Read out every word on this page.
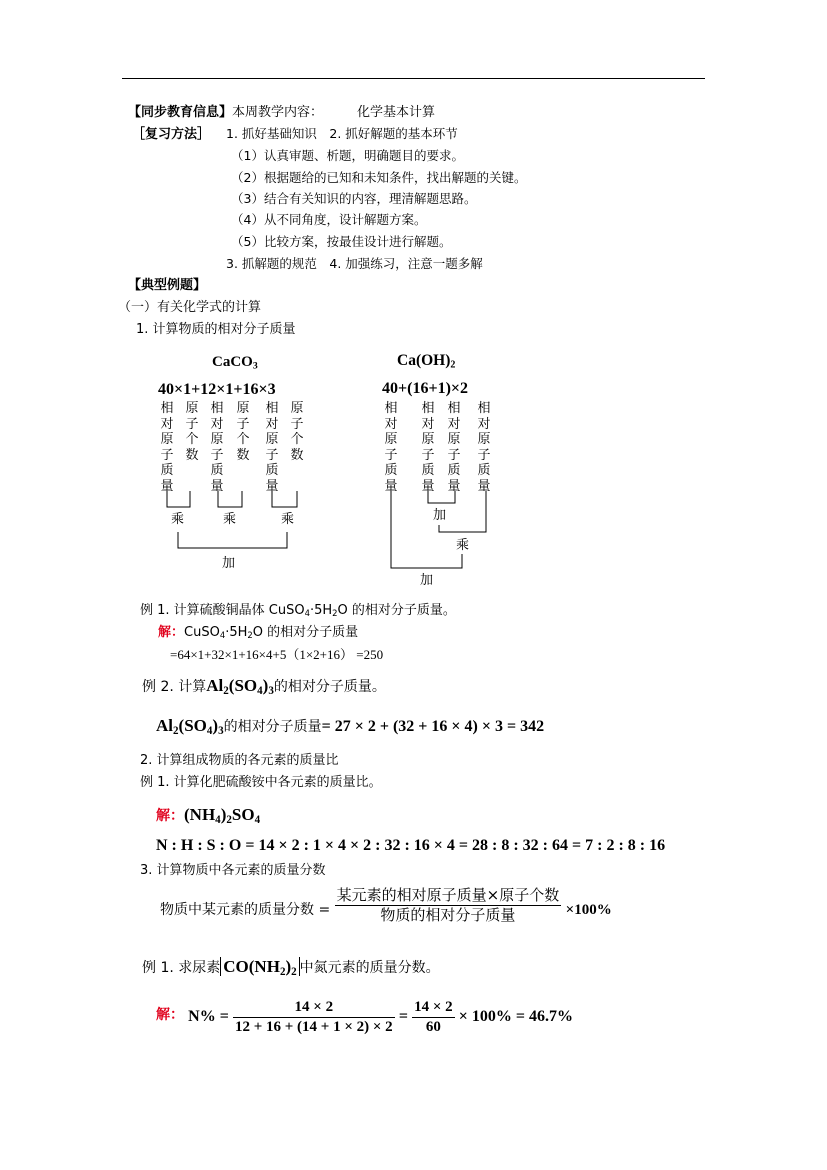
【同步教育信息】本周教学内容：	化学基本计算
［复习方法］ 1. 抓好基础知识　2. 抓好解题的基本环节
（1）认真审题、析题，明确题目的要求。
（2）根据题给的已知和未知条件，找出解题的关键。
（3）结合有关知识的内容，理清解题思路。
（4）从不同角度，设计解题方案。
（5）比较方案，按最佳设计进行解题。
3. 抓解题的规范　4. 加强练习，注意一题多解
【典型例题】
（一）有关化学式的计算
1. 计算物质的相对分子质量
CaCO$_3$
40×1+12×1+16×3
相对原子质量
原子个数
相对原子质量
原子个数
相对原子质量
原子个数
乘	乘	乘
加
$Ca(OH)_2$
40+(16+1)×2
相对原子质量
相对原子质量
相对原子质量
相对原子质量
加
乘
加
例 1. 计算硫酸铜晶体 $CuSO_4\cdot 5H_2O$ 的相对分子质量。
解：$CuSO_4\cdot 5H_2O$ 的相对分子质量
=64×1+32×1+16×4+5（1×2+16） =250
例 2. 计算$Al_2(SO_4)_3$的相对分子质量。
$Al_2(SO_4)_3$的相对分子质量= 27 × 2 + (32 + 16 × 4) × 3 = 342
2. 计算组成物质的各元素的质量比
例 1. 计算化肥硫酸铵中各元素的质量比。
解：$(NH_4)_2SO_4$
N : H : S : O = 14 × 2 : 1 × 4 × 2 : 32 : 16 × 4 = 28 : 8 : 32 : 64 = 7 : 2 : 8 : 16
3. 计算物质中各元素的质量分数
物质中某元素的质量分数 = $\frac{\text{某元素的相对原子质量×原子个数}}{\text{物质的相对分子质量}} \times 100\%$
例 1. 求尿素 $CO(NH_2)_2$ 中氮元素的质量分数。
解： $N\% = \frac{14 \times 2}{12 + 16 + (14 + 1 \times 2) \times 2} = \frac{14 \times 2}{60} \times 100\% = 46.7\%$
